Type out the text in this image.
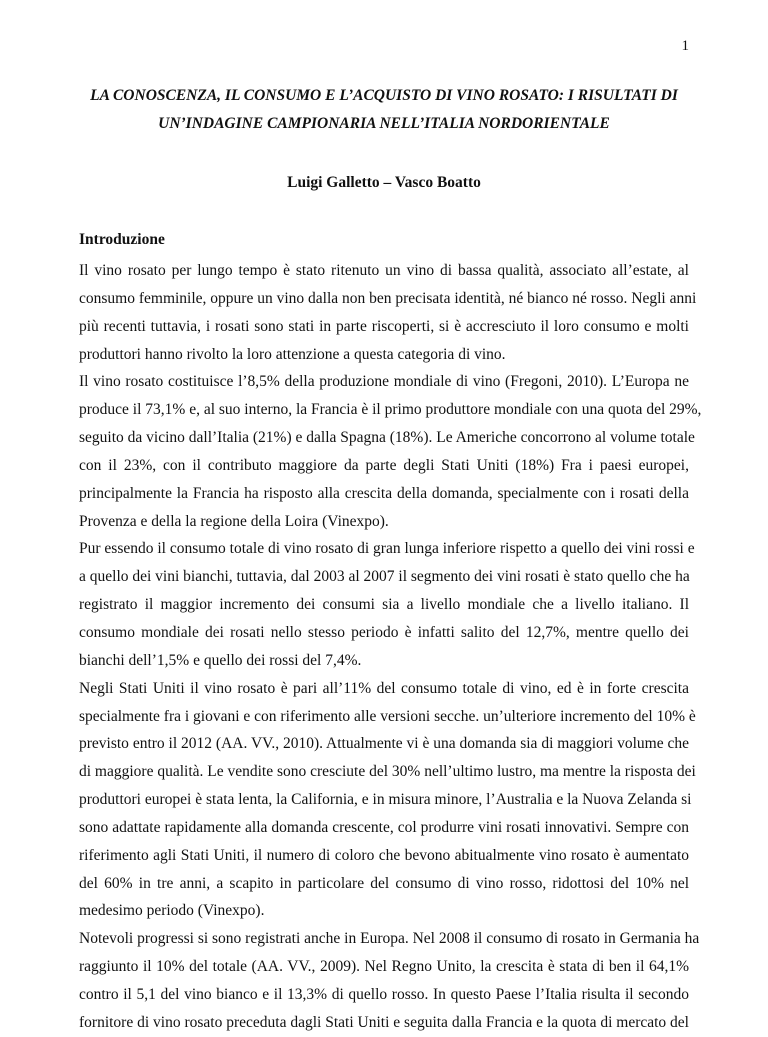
1
LA CONOSCENZA, IL CONSUMO E L’ACQUISTO DI VINO ROSATO: I RISULTATI DI
UN’INDAGINE CAMPIONARIA NELL’ITALIA NORDORIENTALE
Luigi Galletto – Vasco Boatto
Introduzione
Il vino rosato per lungo tempo è stato ritenuto un vino di bassa qualità, associato all’estate, al
consumo femminile, oppure un vino dalla non ben precisata identità, né bianco né rosso. Negli anni
più recenti tuttavia, i rosati sono stati in parte riscoperti, si è accresciuto il loro consumo e molti
produttori hanno rivolto la loro attenzione a questa categoria di vino.
Il vino rosato costituisce l’8,5% della produzione mondiale di vino (Fregoni, 2010). L’Europa ne
produce il 73,1% e, al suo interno, la Francia è il primo produttore mondiale con una quota del 29%,
seguito da vicino dall’Italia (21%) e dalla Spagna (18%). Le Americhe concorrono al volume totale
con il 23%, con il contributo maggiore da parte degli Stati Uniti (18%) Fra i paesi europei,
principalmente la Francia ha risposto alla crescita della domanda, specialmente con i rosati della
Provenza e della la regione della Loira (Vinexpo).
Pur essendo il consumo totale di vino rosato di gran lunga inferiore rispetto a quello dei vini rossi e
a quello dei vini bianchi, tuttavia, dal 2003 al 2007 il segmento dei vini rosati è stato quello che ha
registrato il maggior incremento dei consumi sia a livello mondiale che a livello italiano. Il
consumo mondiale dei rosati nello stesso periodo è infatti salito del 12,7%, mentre quello dei
bianchi dell’1,5% e quello dei rossi del 7,4%.
Negli Stati Uniti il vino rosato è pari all’11% del consumo totale di vino, ed è in forte crescita
specialmente fra i giovani e con riferimento alle versioni secche. un’ulteriore incremento del 10% è
previsto entro il 2012 (AA. VV., 2010). Attualmente vi è una domanda sia di maggiori volume che
di maggiore qualità. Le vendite sono cresciute del 30% nell’ultimo lustro, ma mentre la risposta dei
produttori europei è stata lenta, la California, e in misura minore, l’Australia e la Nuova Zelanda si
sono adattate rapidamente alla domanda crescente, col produrre vini rosati innovativi. Sempre con
riferimento agli Stati Uniti, il numero di coloro che bevono abitualmente vino rosato è aumentato
del 60% in tre anni, a scapito in particolare del consumo di vino rosso, ridottosi del 10% nel
medesimo periodo (Vinexpo).
Notevoli progressi si sono registrati anche in Europa. Nel 2008 il consumo di rosato in Germania ha
raggiunto il 10% del totale (AA. VV., 2009). Nel Regno Unito, la crescita è stata di ben il 64,1%
contro il 5,1 del vino bianco e il 13,3% di quello rosso. In questo Paese l’Italia risulta il secondo
fornitore di vino rosato preceduta dagli Stati Uniti e seguita dalla Francia e la quota di mercato del
